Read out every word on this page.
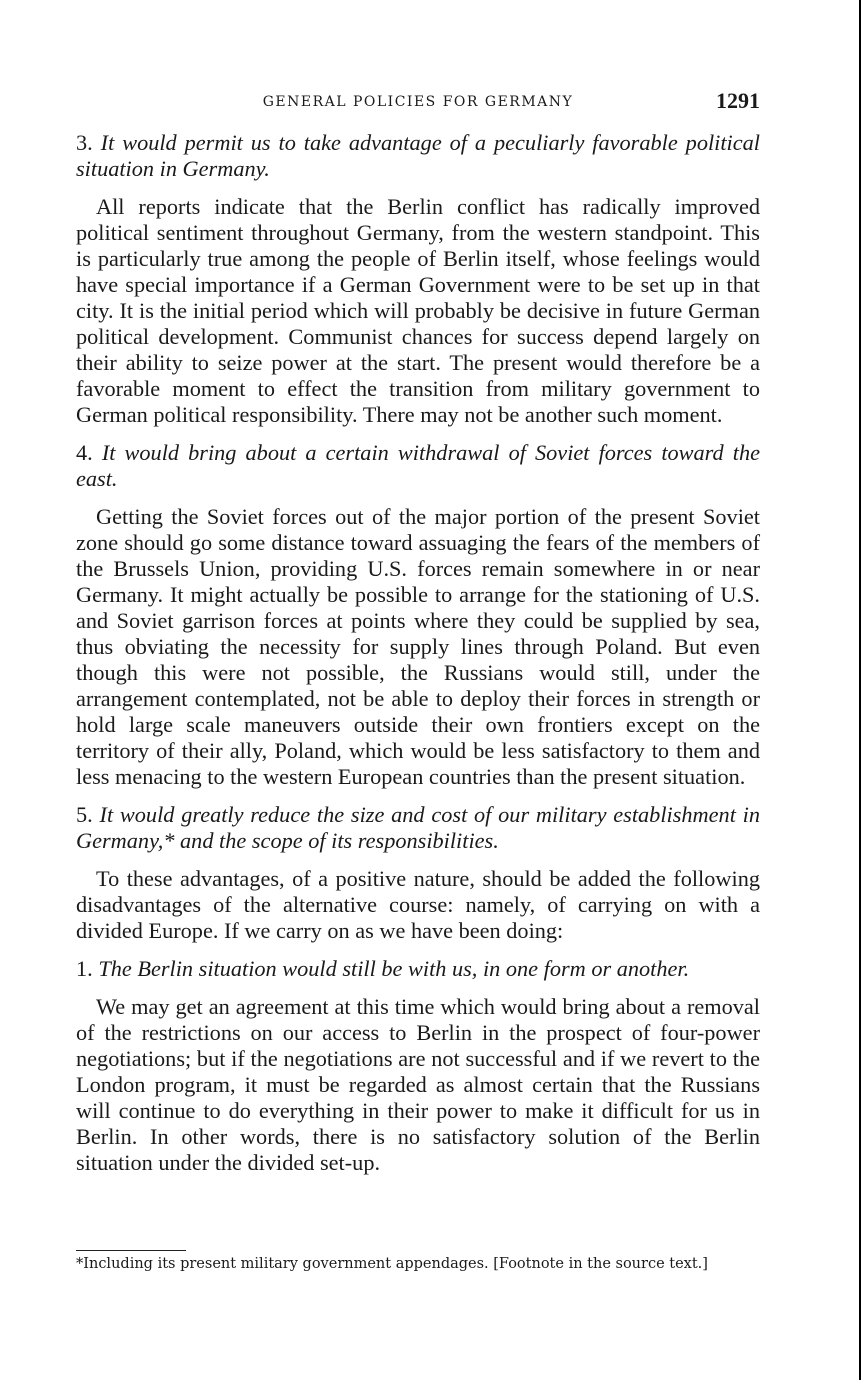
GENERAL POLICIES FOR GERMANY	1291

3. It would permit us to take advantage of a peculiarly favorable political situation in Germany.

All reports indicate that the Berlin conflict has radically improved political sentiment throughout Germany, from the western standpoint. This is particularly true among the people of Berlin itself, whose feelings would have special importance if a German Government were to be set up in that city. It is the initial period which will probably be decisive in future German political development. Communist chances for success depend largely on their ability to seize power at the start. The present would therefore be a favorable moment to effect the transition from military government to German political responsibility. There may not be another such moment.

4. It would bring about a certain withdrawal of Soviet forces toward the east.

Getting the Soviet forces out of the major portion of the present Soviet zone should go some distance toward assuaging the fears of the members of the Brussels Union, providing U.S. forces remain somewhere in or near Germany. It might actually be possible to arrange for the stationing of U.S. and Soviet garrison forces at points where they could be supplied by sea, thus obviating the necessity for supply lines through Poland. But even though this were not possible, the Russians would still, under the arrangement contemplated, not be able to deploy their forces in strength or hold large scale maneuvers outside their own frontiers except on the territory of their ally, Poland, which would be less satisfactory to them and less menacing to the western European countries than the present situation.

5. It would greatly reduce the size and cost of our military establishment in Germany,* and the scope of its responsibilities.

To these advantages, of a positive nature, should be added the following disadvantages of the alternative course: namely, of carrying on with a divided Europe. If we carry on as we have been doing:

1. The Berlin situation would still be with us, in one form or another.

We may get an agreement at this time which would bring about a removal of the restrictions on our access to Berlin in the prospect of four-power negotiations; but if the negotiations are not successful and if we revert to the London program, it must be regarded as almost certain that the Russians will continue to do everything in their power to make it difficult for us in Berlin. In other words, there is no satisfactory solution of the Berlin situation under the divided set-up.

*Including its present military government appendages. [Footnote in the source text.]
